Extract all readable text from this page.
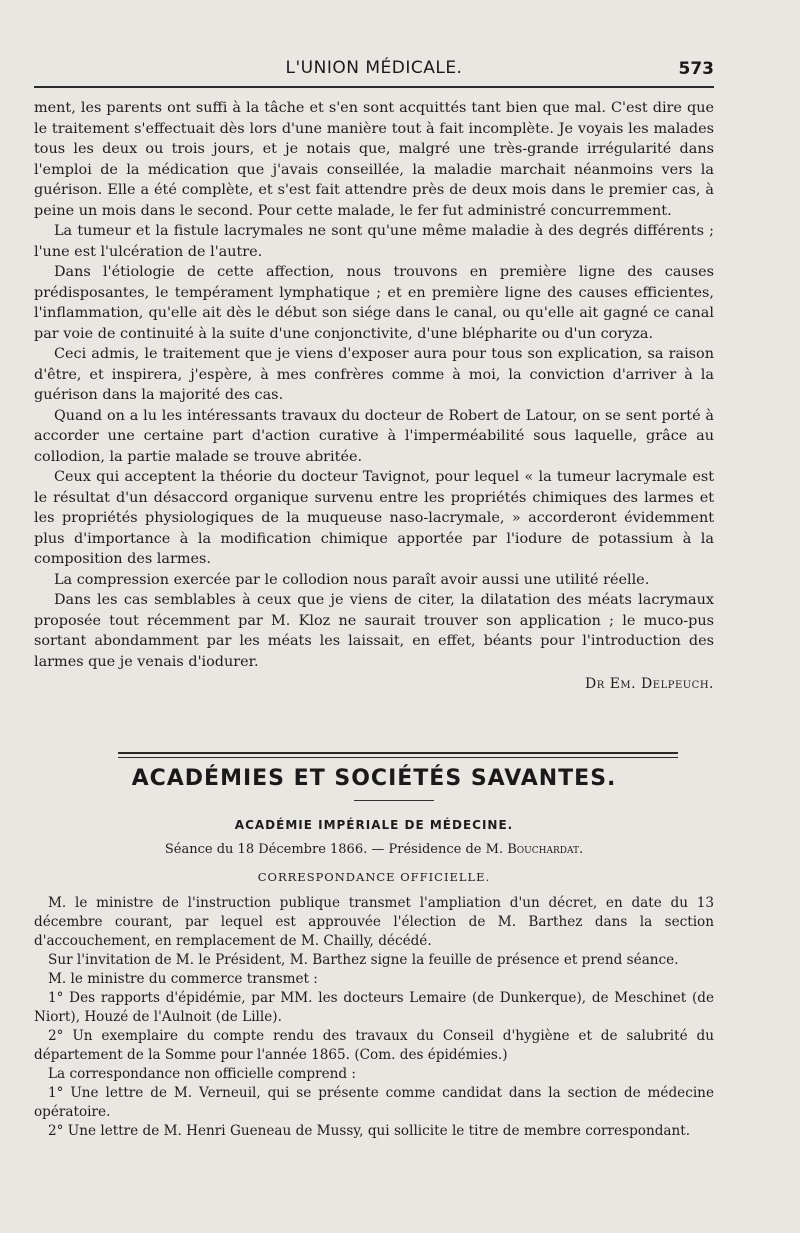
L'UNION MÉDICALE.	573

ment, les parents ont suffi à la tâche et s'en sont acquittés tant bien que mal. C'est dire que le traitement s'effectuait dès lors d'une manière tout à fait incomplète. Je voyais les malades tous les deux ou trois jours, et je notais que, malgré une très-grande irrégularité dans l'emploi de la médication que j'avais conseillée, la maladie marchait néanmoins vers la guérison. Elle a été complète, et s'est fait attendre près de deux mois dans le premier cas, à peine un mois dans le second. Pour cette malade, le fer fut administré concurremment.

La tumeur et la fistule lacrymales ne sont qu'une même maladie à des degrés différents ; l'une est l'ulcération de l'autre.

Dans l'étiologie de cette affection, nous trouvons en première ligne des causes prédisposantes, le tempérament lymphatique ; et en première ligne des causes efficientes, l'inflammation, qu'elle ait dès le début son siége dans le canal, ou qu'elle ait gagné ce canal par voie de continuité à la suite d'une conjonctivite, d'une blépharite ou d'un coryza.

Ceci admis, le traitement que je viens d'exposer aura pour tous son explication, sa raison d'être, et inspirera, j'espère, à mes confrères comme à moi, la conviction d'arriver à la guérison dans la majorité des cas.

Quand on a lu les intéressants travaux du docteur de Robert de Latour, on se sent porté à accorder une certaine part d'action curative à l'imperméabilité sous laquelle, grâce au collodion, la partie malade se trouve abritée.

Ceux qui acceptent la théorie du docteur Tavignot, pour lequel « la tumeur lacrymale est le résultat d'un désaccord organique survenu entre les propriétés chimiques des larmes et les propriétés physiologiques de la muqueuse naso-lacrymale, » accorderont évidemment plus d'importance à la modification chimique apportée par l'iodure de potassium à la composition des larmes.

La compression exercée par le collodion nous paraît avoir aussi une utilité réelle.

Dans les cas semblables à ceux que je viens de citer, la dilatation des méats lacrymaux proposée tout récemment par M. Kloz ne saurait trouver son application ; le muco-pus sortant abondamment par les méats les laissait, en effet, béants pour l'introduction des larmes que je venais d'iodurer.

Dr Em. Delpeuch.
ACADÉMIES ET SOCIÉTÉS SAVANTES.
ACADÉMIE IMPÉRIALE DE MÉDECINE.
Séance du 18 Décembre 1866. — Présidence de M. Bouchardat.
CORRESPONDANCE OFFICIELLE.

M. le ministre de l'instruction publique transmet l'ampliation d'un décret, en date du 13 décembre courant, par lequel est approuvée l'élection de M. Barthez dans la section d'accouchement, en remplacement de M. Chailly, décédé.

Sur l'invitation de M. le Président, M. Barthez signe la feuille de présence et prend séance.

M. le ministre du commerce transmet :

1° Des rapports d'épidémie, par MM. les docteurs Lemaire (de Dunkerque), de Meschinet (de Niort), Houzé de l'Aulnoit (de Lille).

2° Un exemplaire du compte rendu des travaux du Conseil d'hygiène et de salubrité du département de la Somme pour l'année 1865. (Com. des épidémies.)

La correspondance non officielle comprend :

1° Une lettre de M. Verneuil, qui se présente comme candidat dans la section de médecine opératoire.

2° Une lettre de M. Henri Gueneau de Mussy, qui sollicite le titre de membre correspondant.
